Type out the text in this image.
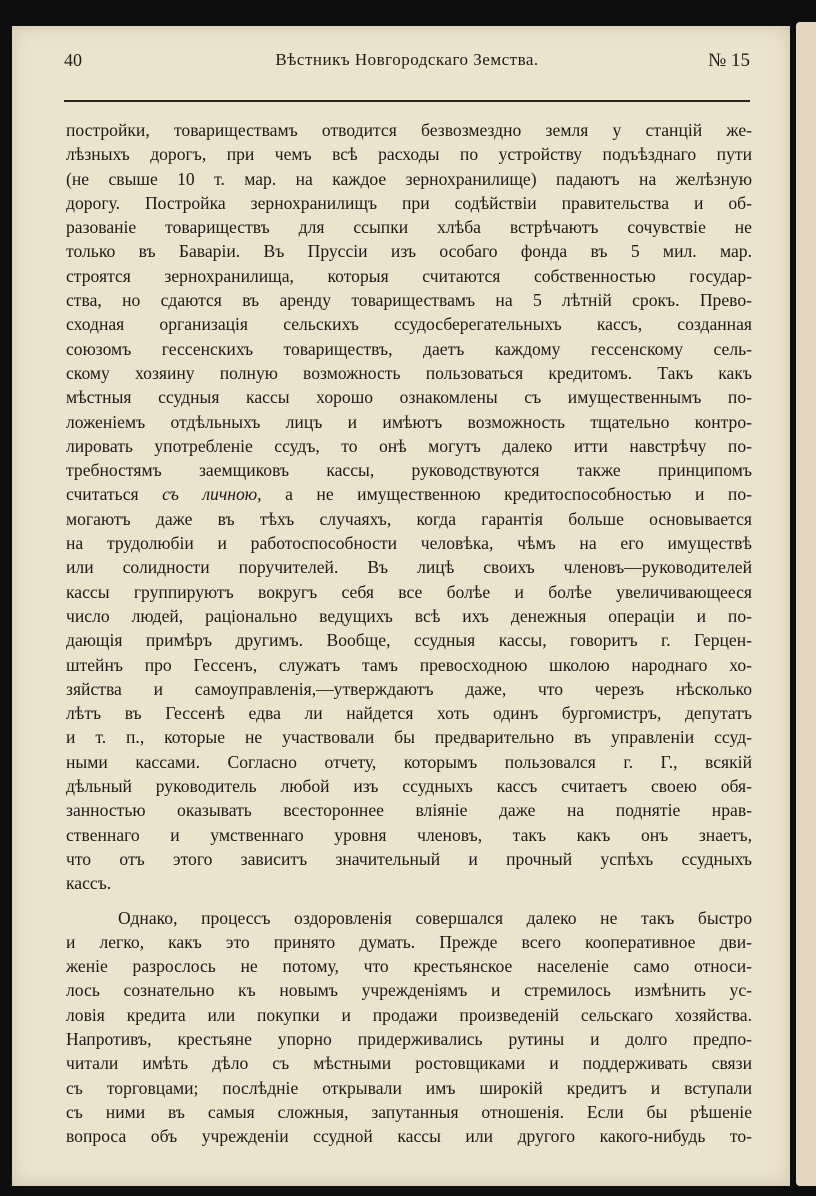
40	Вѣстникъ Новгородскаго Земства.	№ 15
постройки, товариществамъ отводится безвозмездно земля у станцій же-
лѣзныхъ дорогъ, при чемъ всѣ расходы по устройству подъѣзднаго пути
(не свыше 10 т. мар. на каждое зернохранилище) падаютъ на желѣзную
дорогу. Постройка зернохранилищъ при содѣйствіи правительства и об-
разованіе товариществъ для ссыпки хлѣба встрѣчаютъ сочувствіе не
только въ Баваріи. Въ Пруссіи изъ особаго фонда въ 5 мил. мар.
строятся зернохранилища, которыя считаются собственностью государ-
ства, но сдаются въ аренду товариществамъ на 5 лѣтній срокъ. Прево-
сходная организація сельскихъ ссудосберегательныхъ кассъ, созданная
союзомъ гессенскихъ товариществъ, даетъ каждому гессенскому сель-
скому хозяину полную возможность пользоваться кредитомъ. Такъ какъ
мѣстныя ссудныя кассы хорошо ознакомлены съ имущественнымъ по-
ложеніемъ отдѣльныхъ лицъ и имѣютъ возможность тщательно контро-
лировать употребленіе ссудъ, то онѣ могутъ далеко итти навстрѣчу по-
требностямъ заемщиковъ кассы, руководствуются также принципомъ
считаться съ личною, а не имущественною кредитоспособностью и по-
могаютъ даже въ тѣхъ случаяхъ, когда гарантія больше основывается
на трудолюбіи и работоспособности человѣка, чѣмъ на его имуществѣ
или солидности поручителей. Въ лицѣ своихъ членовъ—руководителей
кассы группируютъ вокругъ себя все болѣе и болѣе увеличивающееся
число людей, раціонально ведущихъ всѣ ихъ денежныя операціи и по-
дающія примѣръ другимъ. Вообще, ссудныя кассы, говоритъ г. Герцен-
штейнъ про Гессенъ, служатъ тамъ превосходною школою народнаго хо-
зяйства и самоуправленія,—утверждаютъ даже, что черезъ нѣсколько
лѣтъ въ Гессенѣ едва ли найдется хоть одинъ бургомистръ, депутатъ
и т. п., которые не участвовали бы предварительно въ управленіи ссуд-
ными кассами. Согласно отчету, которымъ пользовался г. Г., всякій
дѣльный руководитель любой изъ ссудныхъ кассъ считаетъ своею обя-
занностью оказывать всестороннее вліяніе даже на поднятіе нрав-
ственнаго и умственнаго уровня членовъ, такъ какъ онъ знаетъ,
что отъ этого зависитъ значительный и прочный успѣхъ ссудныхъ
кассъ.
Однако, процессъ оздоровленія совершался далеко не такъ быстро
и легко, какъ это принято думать. Прежде всего кооперативное дви-
женіе разрослось не потому, что крестьянское населеніе само относи-
лось сознательно къ новымъ учрежденіямъ и стремилось измѣнить ус-
ловія кредита или покупки и продажи произведеній сельскаго хозяйства.
Напротивъ, крестьяне упорно придерживались рутины и долго предпо-
читали имѣть дѣло съ мѣстными ростовщиками и поддерживать связи
съ торговцами; послѣдніе открывали имъ широкій кредитъ и вступали
съ ними въ самыя сложныя, запутанныя отношенія. Если бы рѣшеніе
вопроса объ учрежденіи ссудной кассы или другого какого-нибудь то-
